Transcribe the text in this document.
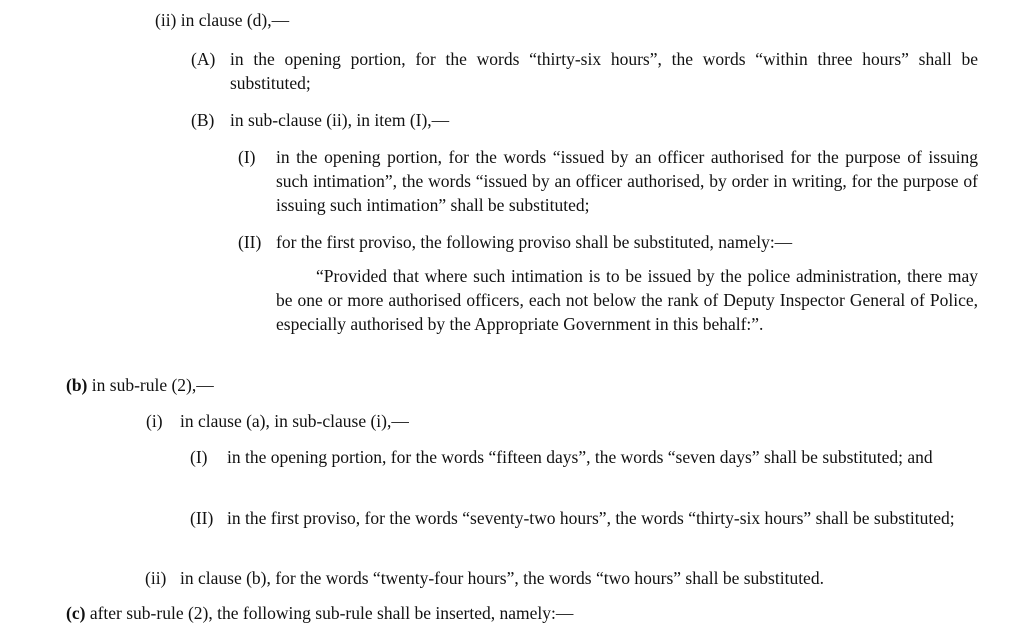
(ii) in clause (d),—
(A) in the opening portion, for the words “thirty-six hours”, the words “within three hours” shall be substituted;
(B) in sub-clause (ii), in item (I),—
(I) in the opening portion, for the words “issued by an officer authorised for the purpose of issuing such intimation”, the words “issued by an officer authorised, by order in writing, for the purpose of issuing such intimation” shall be substituted;
(II) for the first proviso, the following proviso shall be substituted, namely:—
“Provided that where such intimation is to be issued by the police administration, there may be one or more authorised officers, each not below the rank of Deputy Inspector General of Police, especially authorised by the Appropriate Government in this behalf:”.
(b) in sub-rule (2),—
(i) in clause (a), in sub-clause (i),—
(I) in the opening portion, for the words “fifteen days”, the words “seven days” shall be substituted; and
(II) in the first proviso, for the words “seventy-two hours”, the words “thirty-six hours” shall be substituted;
(ii) in clause (b), for the words “twenty-four hours”, the words “two hours” shall be substituted.
(c) after sub-rule (2), the following sub-rule shall be inserted, namely:—
